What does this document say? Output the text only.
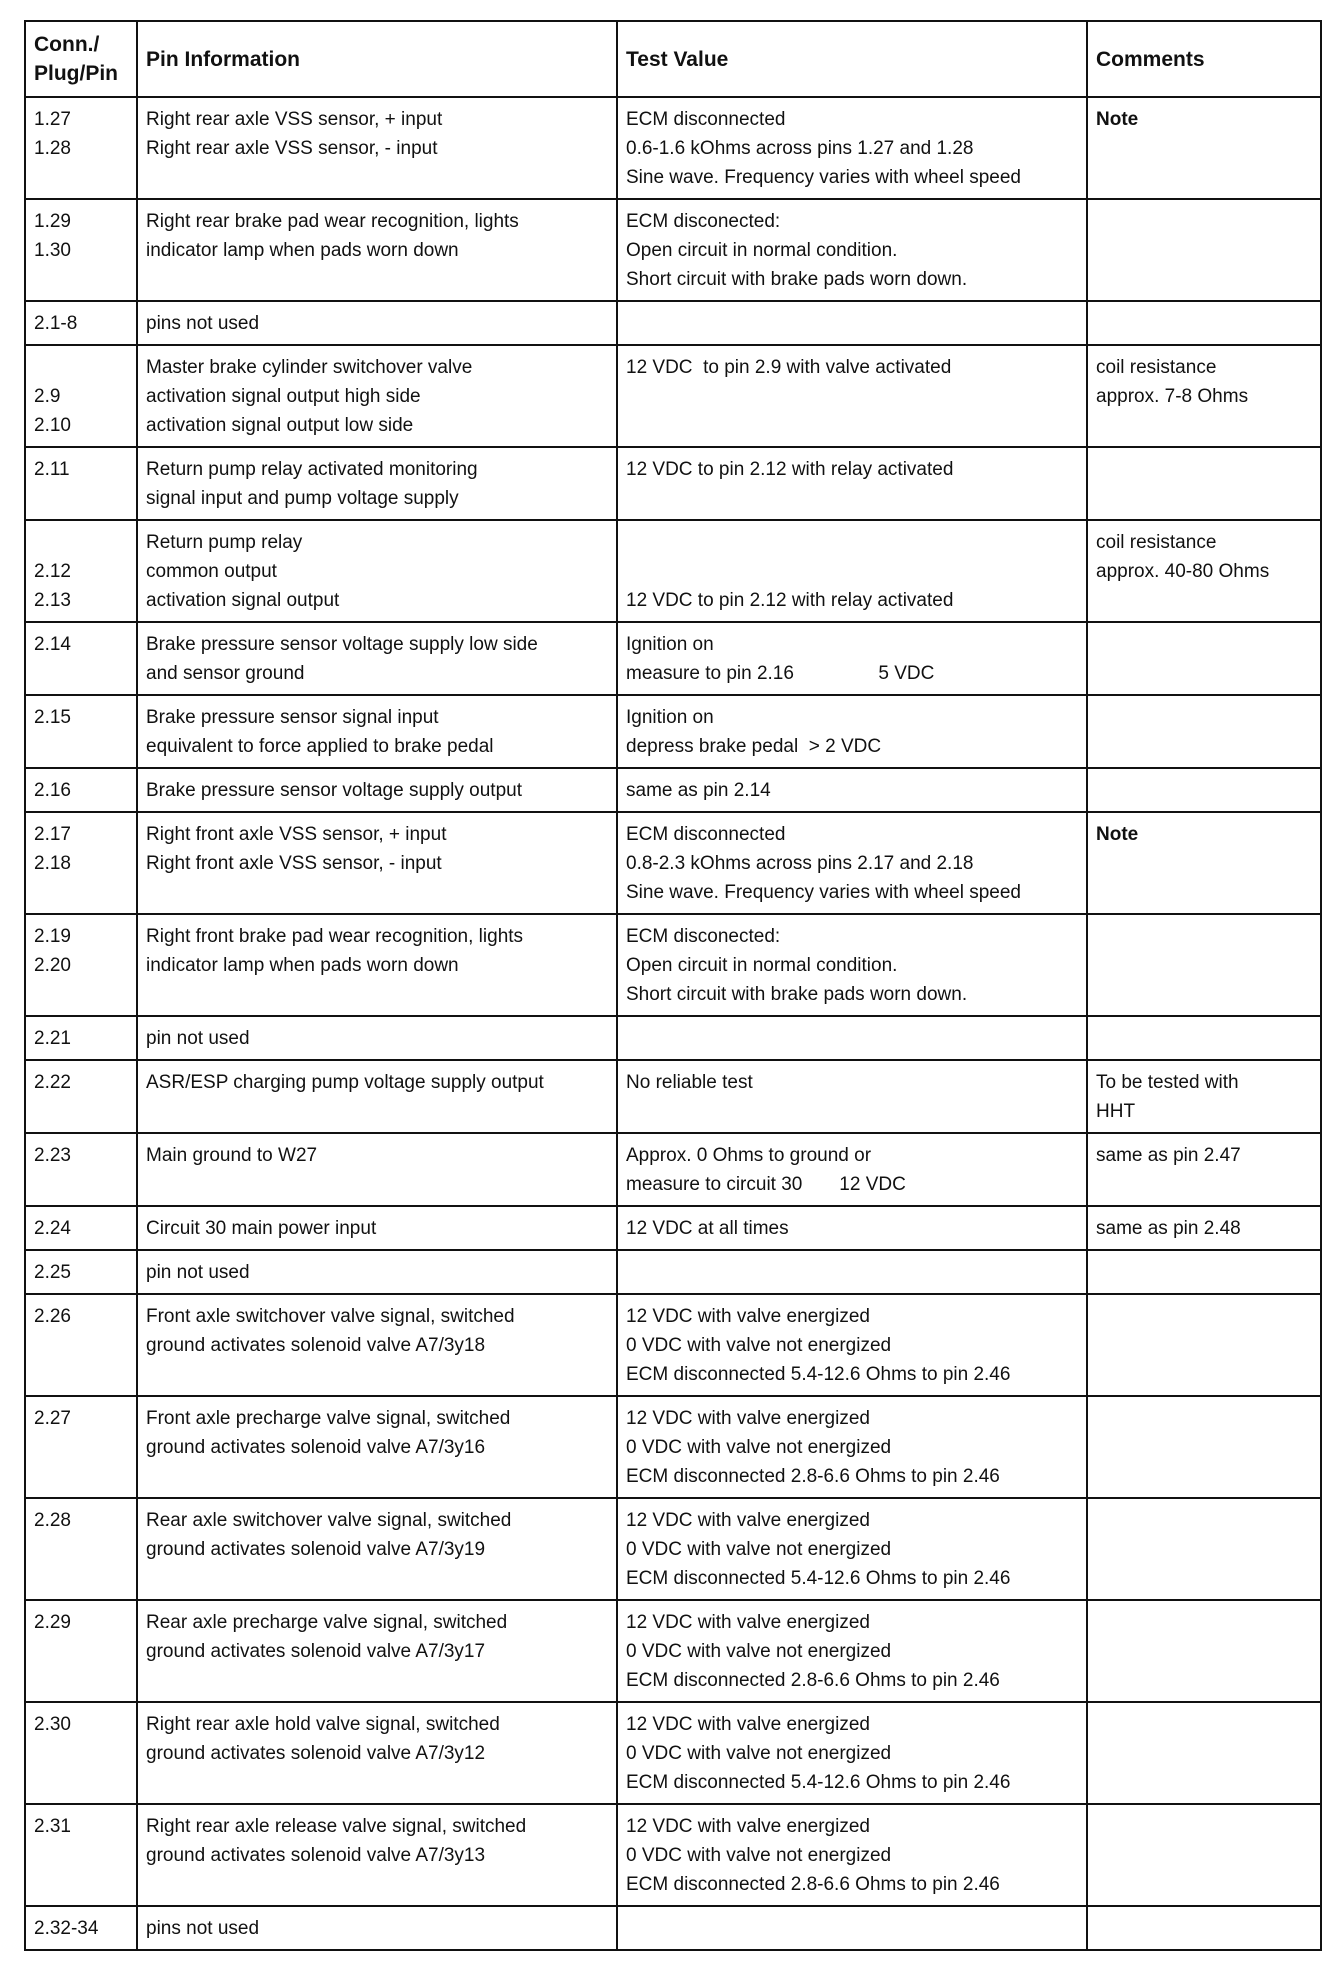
Conn./
Plug/Pin	Pin Information	Test Value	Comments

1.27
1.28	Right rear axle VSS sensor, + input
Right rear axle VSS sensor, - input	ECM disconnected
0.6-1.6 kOhms across pins 1.27 and 1.28
Sine wave. Frequency varies with wheel speed	Note

1.29
1.30	Right rear brake pad wear recognition, lights
indicator lamp when pads worn down	ECM disconected:
Open circuit in normal condition.
Short circuit with brake pads worn down.	

2.1-8	pins not used		

2.9
2.10	Master brake cylinder switchover valve
activation signal output high side
activation signal output low side	12 VDC  to pin 2.9 with valve activated	coil resistance
approx. 7-8 Ohms

2.11	Return pump relay activated monitoring
signal input and pump voltage supply	12 VDC to pin 2.12 with relay activated	

2.12
2.13	Return pump relay
common output
activation signal output	12 VDC to pin 2.12 with relay activated	coil resistance
approx. 40-80 Ohms

2.14	Brake pressure sensor voltage supply low side
and sensor ground	Ignition on
measure to pin 2.16                5 VDC	

2.15	Brake pressure sensor signal input
equivalent to force applied to brake pedal	Ignition on
depress brake pedal  > 2 VDC	

2.16	Brake pressure sensor voltage supply output	same as pin 2.14	

2.17
2.18	Right front axle VSS sensor, + input
Right front axle VSS sensor, - input	ECM disconnected
0.8-2.3 kOhms across pins 2.17 and 2.18
Sine wave. Frequency varies with wheel speed	Note

2.19
2.20	Right front brake pad wear recognition, lights
indicator lamp when pads worn down	ECM disconected:
Open circuit in normal condition.
Short circuit with brake pads worn down.	

2.21	pin not used		

2.22	ASR/ESP charging pump voltage supply output	No reliable test	To be tested with
HHT

2.23	Main ground to W27	Approx. 0 Ohms to ground or
measure to circuit 30       12 VDC	same as pin 2.47

2.24	Circuit 30 main power input	12 VDC at all times	same as pin 2.48

2.25	pin not used		

2.26	Front axle switchover valve signal, switched
ground activates solenoid valve A7/3y18	12 VDC with valve energized
0 VDC with valve not energized
ECM disconnected 5.4-12.6 Ohms to pin 2.46	

2.27	Front axle precharge valve signal, switched
ground activates solenoid valve A7/3y16	12 VDC with valve energized
0 VDC with valve not energized
ECM disconnected 2.8-6.6 Ohms to pin 2.46	

2.28	Rear axle switchover valve signal, switched
ground activates solenoid valve A7/3y19	12 VDC with valve energized
0 VDC with valve not energized
ECM disconnected 5.4-12.6 Ohms to pin 2.46	

2.29	Rear axle precharge valve signal, switched
ground activates solenoid valve A7/3y17	12 VDC with valve energized
0 VDC with valve not energized
ECM disconnected 2.8-6.6 Ohms to pin 2.46	

2.30	Right rear axle hold valve signal, switched
ground activates solenoid valve A7/3y12	12 VDC with valve energized
0 VDC with valve not energized
ECM disconnected 5.4-12.6 Ohms to pin 2.46	

2.31	Right rear axle release valve signal, switched
ground activates solenoid valve A7/3y13	12 VDC with valve energized
0 VDC with valve not energized
ECM disconnected 2.8-6.6 Ohms to pin 2.46	

2.32-34	pins not used		
